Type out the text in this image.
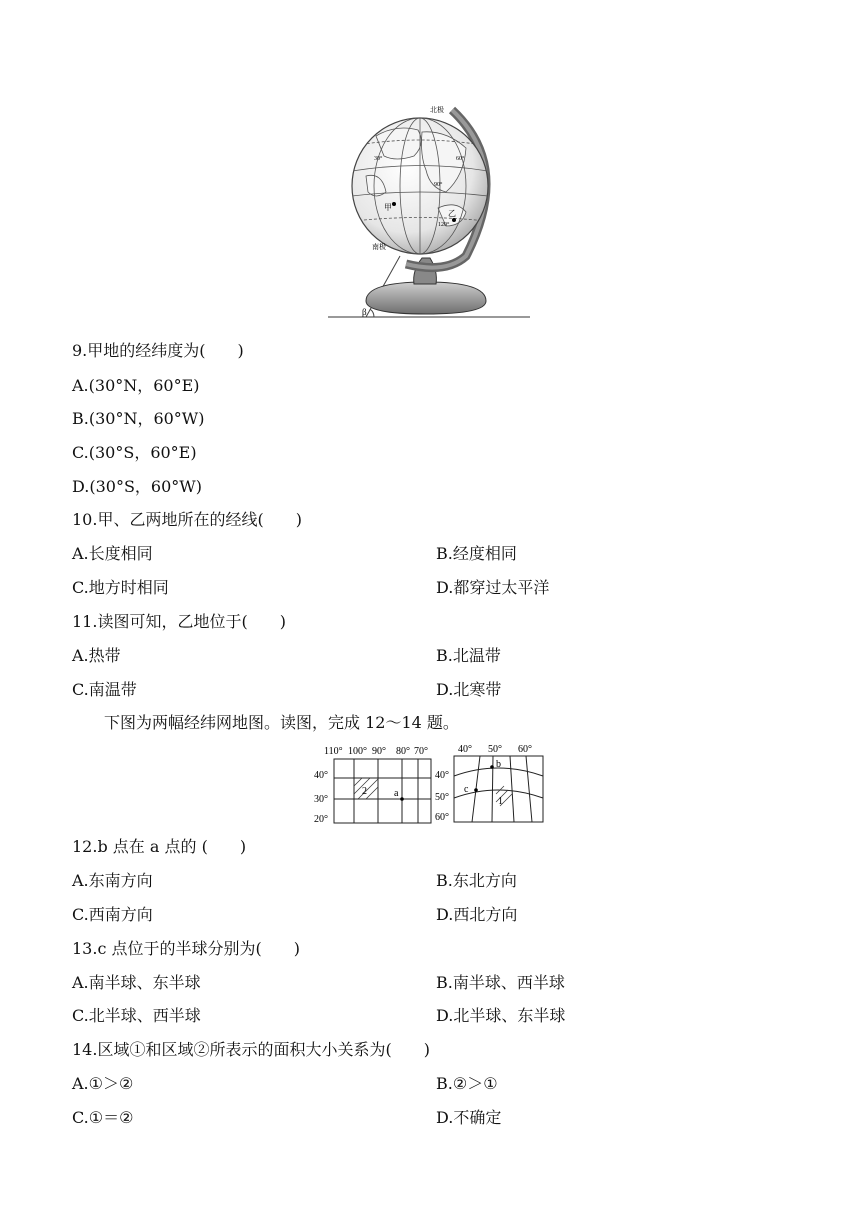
β
北极
南极
30°	60°
90°
120°
甲
乙
9.甲地的经纬度为(　　)
A.(30°N，60°E)
B.(30°N，60°W)
C.(30°S，60°E)
D.(30°S，60°W)
10.甲、乙两地所在的经线(　　)
A.长度相同	B.经度相同
C.地方时相同	D.都穿过太平洋
11.读图可知，乙地位于(　　)
A.热带	B.北温带
C.南温带	D.北寒带
下图为两幅经纬网地图。读图，完成 12～14 题。
110° 100° 90° 80° 70°
40°
30°
20°
2	a
40° 50° 60°
40°
50°
60°
1
b
c
12.b 点在 a 点的 (　　)
A.东南方向	B.东北方向
C.西南方向	D.西北方向
13.c 点位于的半球分别为(　　)
A.南半球、东半球	B.南半球、西半球
C.北半球、西半球	D.北半球、东半球
14.区域①和区域②所表示的面积大小关系为(　　)
A.①＞②	B.②＞①
C.①＝②	D.不确定
